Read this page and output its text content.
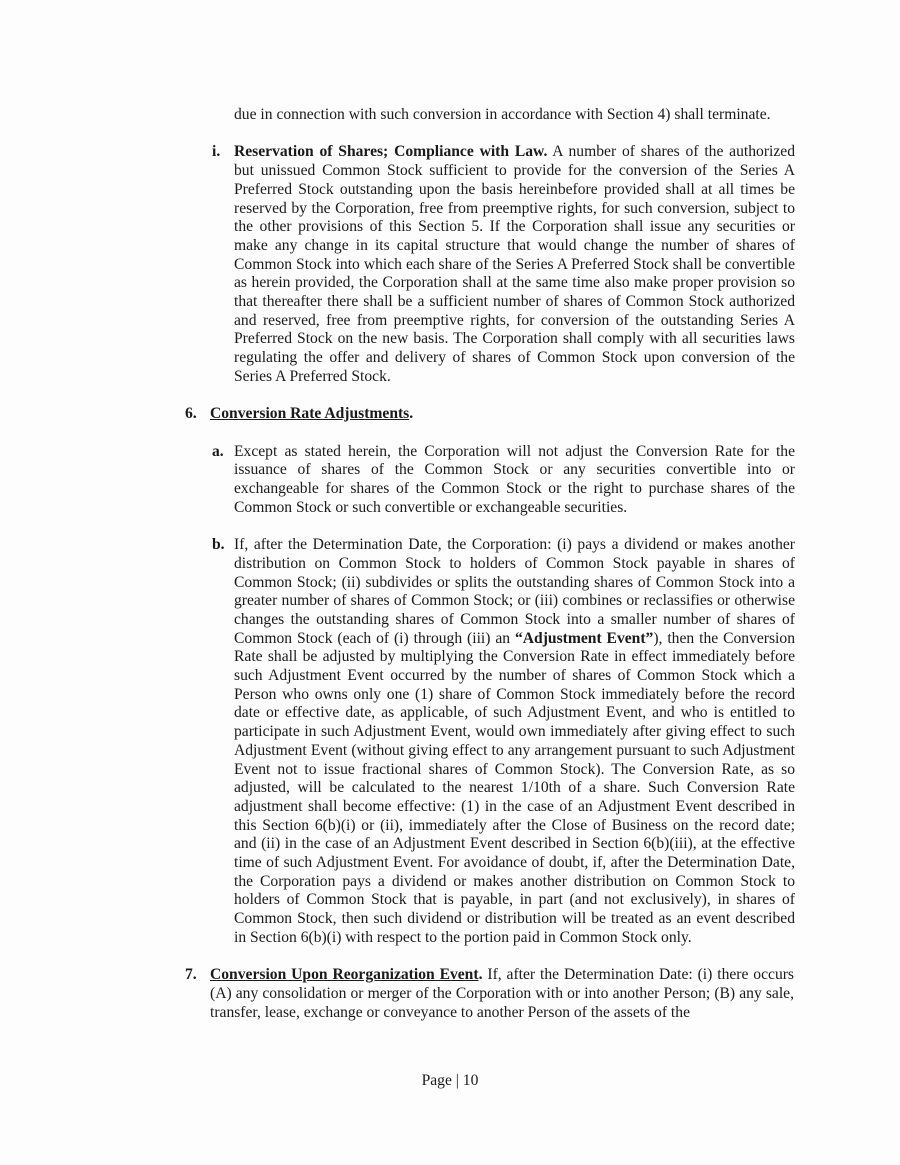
due in connection with such conversion in accordance with Section 4) shall terminate.
i. Reservation of Shares; Compliance with Law. A number of shares of the authorized but unissued Common Stock sufficient to provide for the conversion of the Series A Preferred Stock outstanding upon the basis hereinbefore provided shall at all times be reserved by the Corporation, free from preemptive rights, for such conversion, subject to the other provisions of this Section 5. If the Corporation shall issue any securities or make any change in its capital structure that would change the number of shares of Common Stock into which each share of the Series A Preferred Stock shall be convertible as herein provided, the Corporation shall at the same time also make proper provision so that thereafter there shall be a sufficient number of shares of Common Stock authorized and reserved, free from preemptive rights, for conversion of the outstanding Series A Preferred Stock on the new basis. The Corporation shall comply with all securities laws regulating the offer and delivery of shares of Common Stock upon conversion of the Series A Preferred Stock.
6. Conversion Rate Adjustments.
a. Except as stated herein, the Corporation will not adjust the Conversion Rate for the issuance of shares of the Common Stock or any securities convertible into or exchangeable for shares of the Common Stock or the right to purchase shares of the Common Stock or such convertible or exchangeable securities.
b. If, after the Determination Date, the Corporation: (i) pays a dividend or makes another distribution on Common Stock to holders of Common Stock payable in shares of Common Stock; (ii) subdivides or splits the outstanding shares of Common Stock into a greater number of shares of Common Stock; or (iii) combines or reclassifies or otherwise changes the outstanding shares of Common Stock into a smaller number of shares of Common Stock (each of (i) through (iii) an “Adjustment Event”), then the Conversion Rate shall be adjusted by multiplying the Conversion Rate in effect immediately before such Adjustment Event occurred by the number of shares of Common Stock which a Person who owns only one (1) share of Common Stock immediately before the record date or effective date, as applicable, of such Adjustment Event, and who is entitled to participate in such Adjustment Event, would own immediately after giving effect to such Adjustment Event (without giving effect to any arrangement pursuant to such Adjustment Event not to issue fractional shares of Common Stock). The Conversion Rate, as so adjusted, will be calculated to the nearest 1/10th of a share. Such Conversion Rate adjustment shall become effective: (1) in the case of an Adjustment Event described in this Section 6(b)(i) or (ii), immediately after the Close of Business on the record date; and (ii) in the case of an Adjustment Event described in Section 6(b)(iii), at the effective time of such Adjustment Event. For avoidance of doubt, if, after the Determination Date, the Corporation pays a dividend or makes another distribution on Common Stock to holders of Common Stock that is payable, in part (and not exclusively), in shares of Common Stock, then such dividend or distribution will be treated as an event described in Section 6(b)(i) with respect to the portion paid in Common Stock only.
7. Conversion Upon Reorganization Event. If, after the Determination Date: (i) there occurs (A) any consolidation or merger of the Corporation with or into another Person; (B) any sale, transfer, lease, exchange or conveyance to another Person of the assets of the
Page | 10
